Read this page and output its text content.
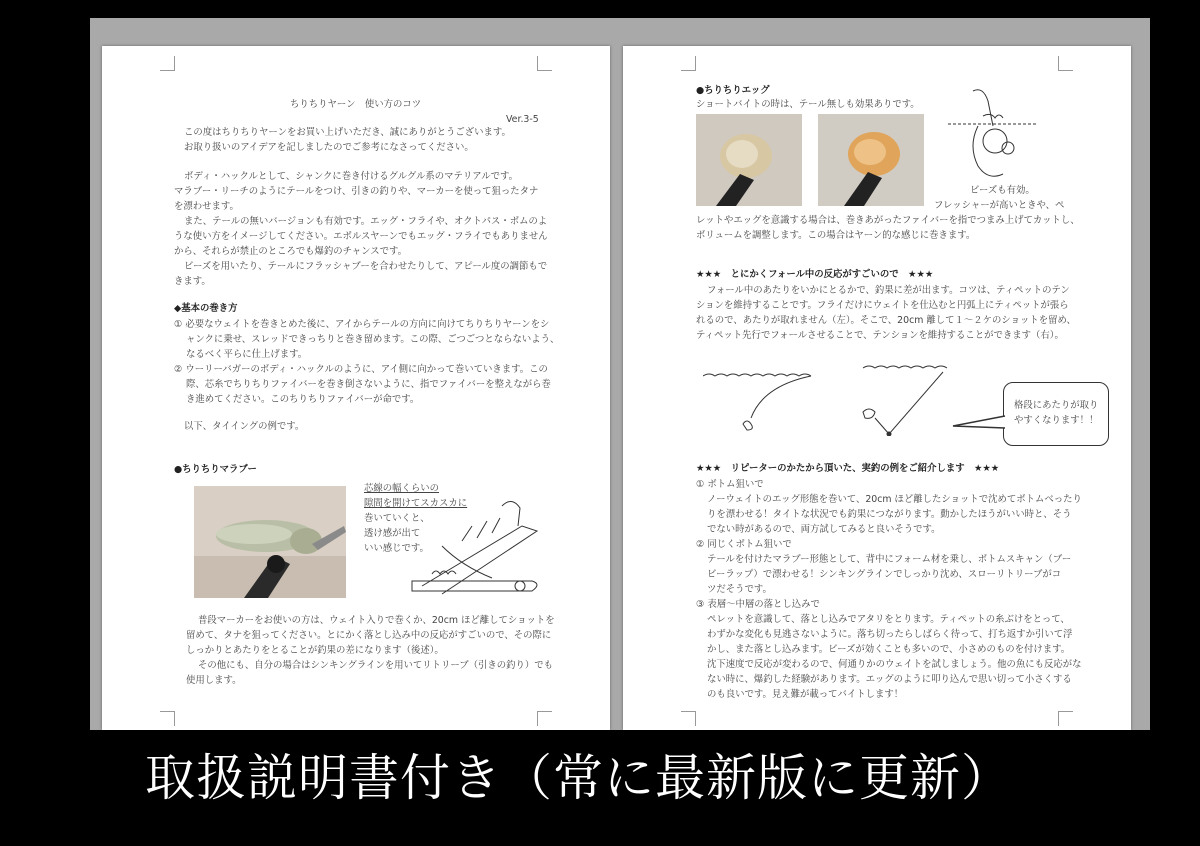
ちりちりヤーン　使い方のコツ
Ver.3-5
この度はちりちりヤーンをお買い上げいただき、誠にありがとうございます。
お取り扱いのアイデアを記しましたのでご参考になさってください。
ボディ・ハックルとして、シャンクに巻き付けるグルグル系のマテリアルです。
マラブー・リーチのようにテールをつけ、引きの釣りや、マーカーを使って狙ったタナ
を漂わせます。
また、テールの無いバージョンも有効です。エッグ・フライや、オクトパス・ボムのよ
うな使い方をイメージしてください。エボルスヤーンでもエッグ・フライでもありません
から、それらが禁止のところでも爆釣のチャンスです。
ビーズを用いたり、テールにフラッシャブーを合わせたりして、アピール度の調節もで
きます。
◆基本の巻き方
① 必要なウェイトを巻きとめた後に、アイからテールの方向に向けてちりちりヤーンをシ
ャンクに乗せ、スレッドできっちりと巻き留めます。この際、ごつごつとならないよう、
なるべく平らに仕上げます。
② ウーリーバガーのボディ・ハックルのように、アイ側に向かって巻いていきます。この
際、芯糸でちりちりファイバーを巻き倒さないように、指でファイバーを整えながら巻
き進めてください。このちりちりファイバーが命です。
以下、タイイングの例です。
●ちりちりマラブー
芯線の幅くらいの
隙間を開けてスカスカに
巻いていくと、
透け感が出て
いい感じです。
普段マーカーをお使いの方は、ウェイト入りで巻くか、20cm ほど離してショットを
留めて、タナを狙ってください。とにかく落とし込み中の反応がすごいので、その際に
しっかりとあたりをとることが釣果の差になります（後述）。
その他にも、自分の場合はシンキングラインを用いてリトリーブ（引きの釣り）でも
使用します。
●ちりちりエッグ
ショートバイトの時は、テール無しも効果ありです。
ビーズも有効。
フレッシャーが高いときや、ペ
レットやエッグを意識する場合は、巻きあがったファイバーを指でつまみ上げてカットし、
ボリュームを調整します。この場合はヤーン的な感じに巻きます。
★★★　とにかくフォール中の反応がすごいので　★★★
フォール中のあたりをいかにとるかで、釣果に差が出ます。コツは、ティペットのテン
ションを維持することです。フライだけにウェイトを仕込むと円弧上にティペットが張ら
れるので、あたりが取れません（左）。そこで、20cm 離して１～２ケのショットを留め、
ティペット先行でフォールさせることで、テンションを維持することができます（右）。
格段にあたりが取り
やすくなります！！
★★★　リピーターのかたから頂いた、実釣の例をご紹介します　★★★
① ボトム狙いで
ノーウェイトのエッグ形態を巻いて、20cm ほど離したショットで沈めてボトムべったり
りを漂わせる！タイトな状況でも釣果につながります。動かしたほうがいい時と、そう
でない時があるので、両方試してみると良いそうです。
② 同じくボトム狙いで
テールを付けたマラブー形態として、背中にフォーム材を乗し、ボトムスキャン（ブー
ビーラップ）で漂わせる！シンキングラインでしっかり沈め、スローリトリーブがコ
ツだそうです。
③ 表層～中層の落とし込みで
ペレットを意識して、落とし込みでアタリをとります。ティペットの糸ぶけをとって、
わずかな変化も見逃さないように。落ち切ったらしばらく待って、打ち返すか引いて浮
かし、また落とし込みます。ビーズが効くことも多いので、小さめのものを付けます。
沈下速度で反応が変わるので、何通りかのウェイトを試しましょう。他の魚にも反応がな
ない時に、爆釣した経験があります。エッグのように叩り込んで思い切って小さくする
のも良いです。見え難が載ってバイトします！
取扱説明書付き（常に最新版に更新）
